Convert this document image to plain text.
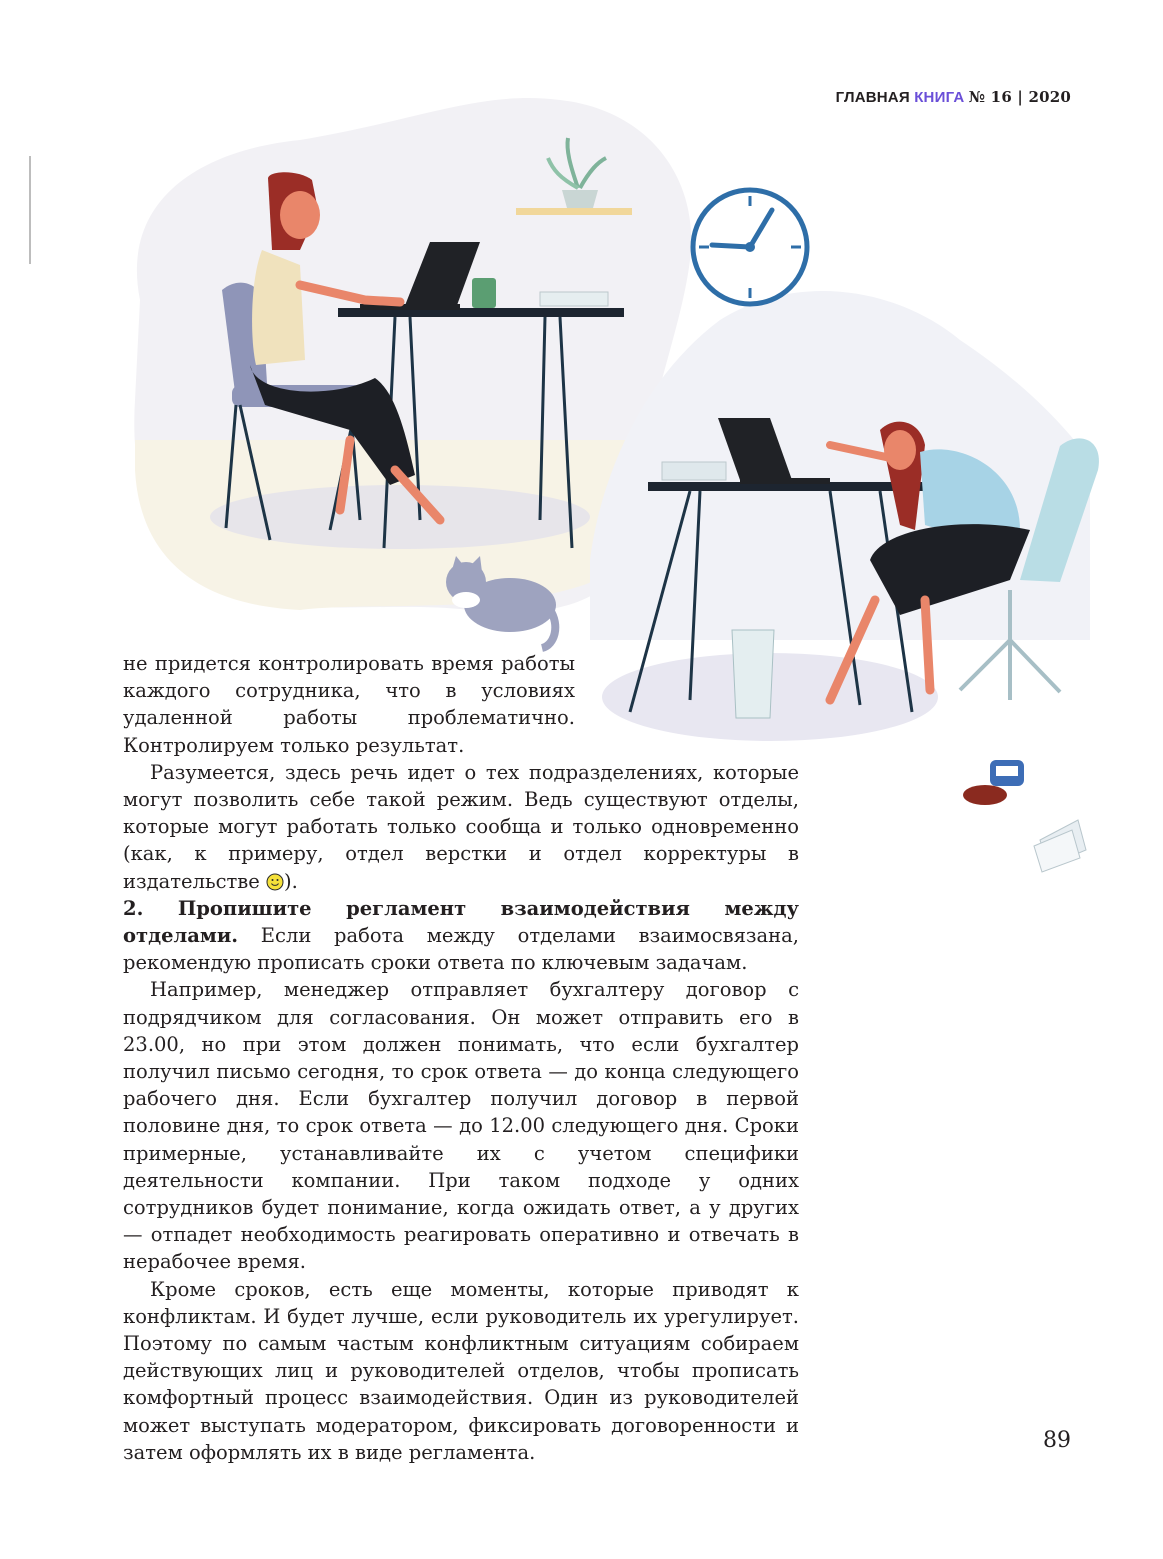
ГЛАВНАЯ КНИГА № 16 | 2020

не придется контролировать время работы каждого сотрудника, что в условиях удаленной работы проблематично. Контролируем только результат.

Разумеется, здесь речь идет о тех подразделениях, которые могут позволить себе такой режим. Ведь существуют отделы, которые могут работать только сообща и только одновременно (как, к примеру, отдел верстки и отдел корректуры в издательстве ).

2. Пропишите регламент взаимодействия между отделами. Если работа между отделами взаимосвязана, рекомендую прописать сроки ответа по ключевым задачам.

Например, менеджер отправляет бухгалтеру договор с подрядчиком для согласования. Он может отправить его в 23.00, но при этом должен понимать, что если бухгалтер получил письмо сегодня, то срок ответа — до конца следующего рабочего дня. Если бухгалтер получил договор в первой половине дня, то срок ответа — до 12.00 следующего дня. Сроки примерные, устанавливайте их с учетом специфики деятельности компании. При таком подходе у одних сотрудников будет понимание, когда ожидать ответ, а у других — отпадет необходимость реагировать оперативно и отвечать в нерабочее время.

Кроме сроков, есть еще моменты, которые приводят к конфликтам. И будет лучше, если руководитель их урегулирует. Поэтому по самым частым конфликтным ситуациям собираем действующих лиц и руководителей отделов, чтобы прописать комфортный процесс взаимодействия. Один из руководителей может выступать модератором, фиксировать договоренности и затем оформлять их в виде регламента.	89
